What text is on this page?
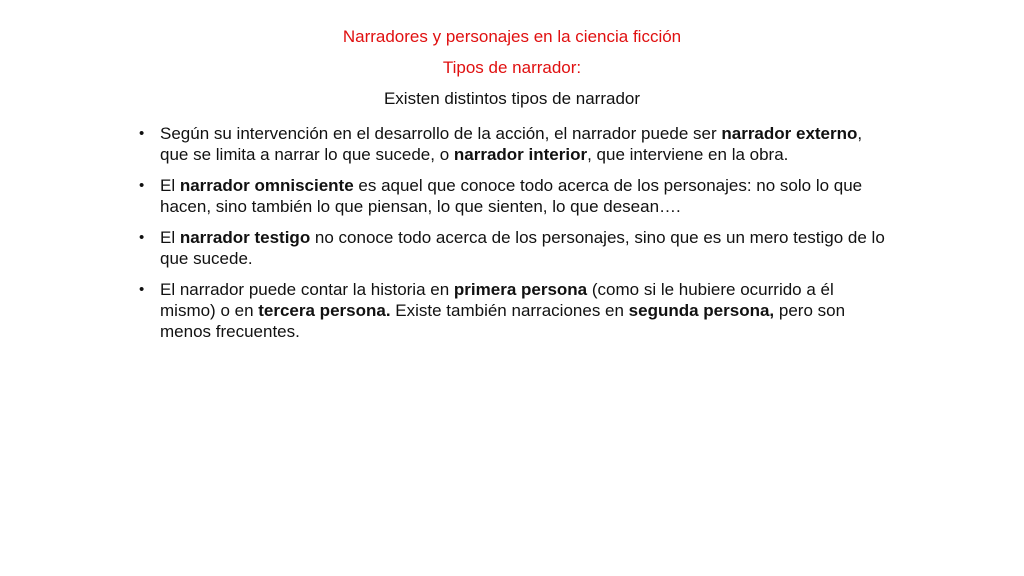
Narradores y personajes en la ciencia ficción
Tipos de narrador:
Existen distintos tipos de narrador
• Según su intervención en el desarrollo de la acción, el narrador puede ser narrador externo, que se limita a narrar lo que sucede, o narrador interior, que interviene en la obra.
• El narrador omnisciente es aquel que conoce todo acerca de los personajes: no solo lo que hacen, sino también lo que piensan, lo que sienten, lo que desean….
• El narrador testigo no conoce todo acerca de los personajes, sino que es un mero testigo de lo que sucede.
• El narrador puede contar la historia en primera persona (como si le hubiere ocurrido a él mismo) o en tercera persona. Existe también narraciones en segunda persona, pero son menos frecuentes.
